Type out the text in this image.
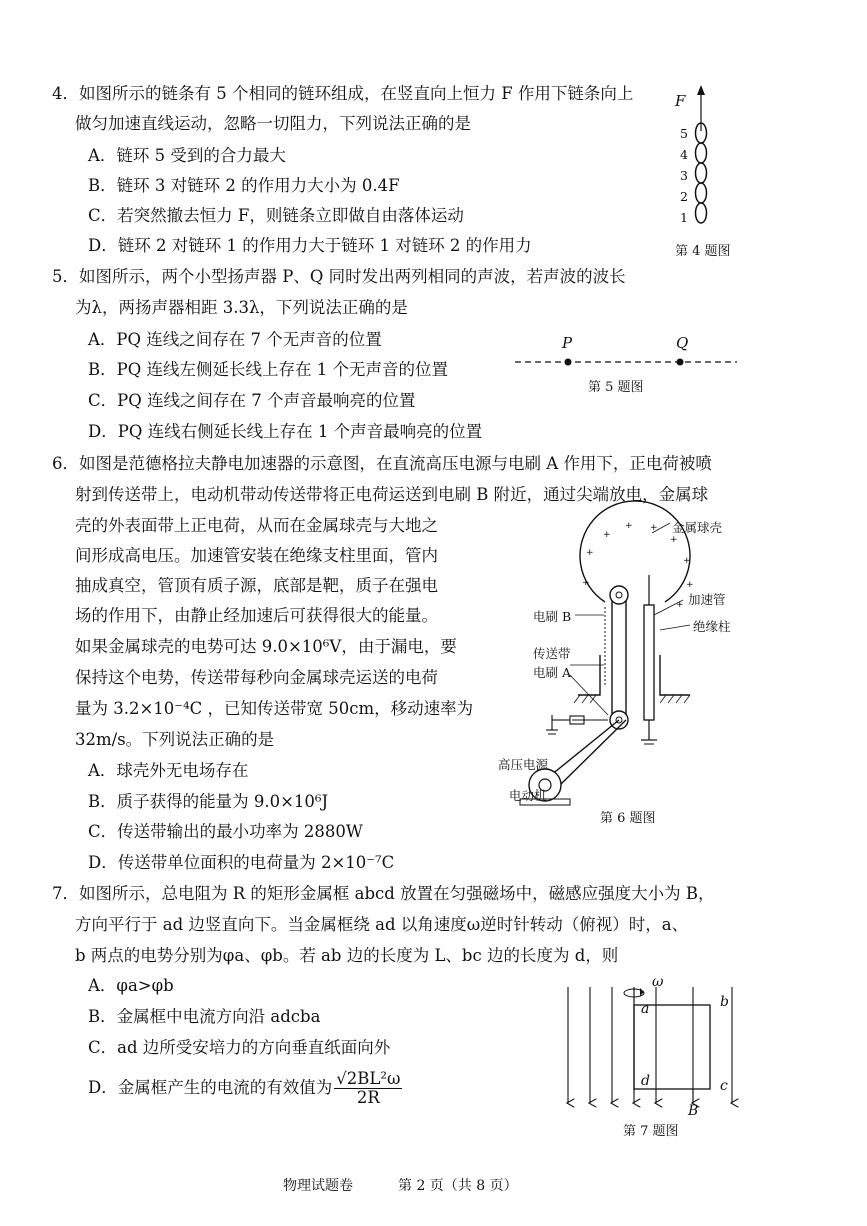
4．如图所示的链条有 5 个相同的链环组成，在竖直向上恒力 F 作用下链条向上
做匀加速直线运动，忽略一切阻力，下列说法正确的是
A．链环 5 受到的合力最大
B．链环 3 对链环 2 的作用力大小为 0.4F
C．若突然撤去恒力 F，则链条立即做自由落体运动
D．链环 2 对链环 1 的作用力大于链环 1 对链环 2 的作用力
F
5
4
3
2
1
第 4 题图
5．如图所示，两个小型扬声器 P、Q 同时发出两列相同的声波，若声波的波长
为λ，两扬声器相距 3.3λ，下列说法正确的是
A．PQ 连线之间存在 7 个无声音的位置
B．PQ 连线左侧延长线上存在 1 个无声音的位置
C．PQ 连线之间存在 7 个声音最响亮的位置
D．PQ 连线右侧延长线上存在 1 个声音最响亮的位置
P	Q
第 5 题图
6．如图是范德格拉夫静电加速器的示意图，在直流高压电源与电刷 A 作用下，正电荷被喷
射到传送带上，电动机带动传送带将正电荷运送到电刷 B 附近，通过尖端放电，金属球
壳的外表面带上正电荷，从而在金属球壳与大地之
间形成高电压。加速管安装在绝缘支柱里面，管内
抽成真空，管顶有质子源，底部是靶，质子在强电
场的作用下，由静止经加速后可获得很大的能量。
如果金属球壳的电势可达 9.0×10⁶V，由于漏电，要
保持这个电势，传送带每秒向金属球壳运送的电荷
量为 3.2×10⁻⁴C ，已知传送带宽 50cm，移动速率为
32m/s。下列说法正确的是
A．球壳外无电场存在
B．质子获得的能量为 9.0×10⁶J
C．传送带输出的最小功率为 2880W
D．传送带单位面积的电荷量为 2×10⁻⁷C
+
+
+
+ +
+
+
+
+
金属球壳
加速管
电刷 B
绝缘柱
传送带
电刷 A
高压电源
电动机
第 6 题图
7．如图所示，总电阻为 R 的矩形金属框 abcd 放置在匀强磁场中，磁感应强度大小为 B，
方向平行于 ad 边竖直向下。当金属框绕 ad 以角速度ω逆时针转动（俯视）时，a、
b 两点的电势分别为φa、φb。若 ab 边的长度为 L、bc 边的长度为 d，则
A．φa>φb
B．金属框中电流方向沿 adcba
C．ad 边所受安培力的方向垂直纸面向外
D．金属框产生的电流的有效值为 $\frac{\text{√2BL²ω}}{2R}$
ω
a	b
d	c
B
第 7 题图
物理试题卷	第 2 页（共 8 页）
